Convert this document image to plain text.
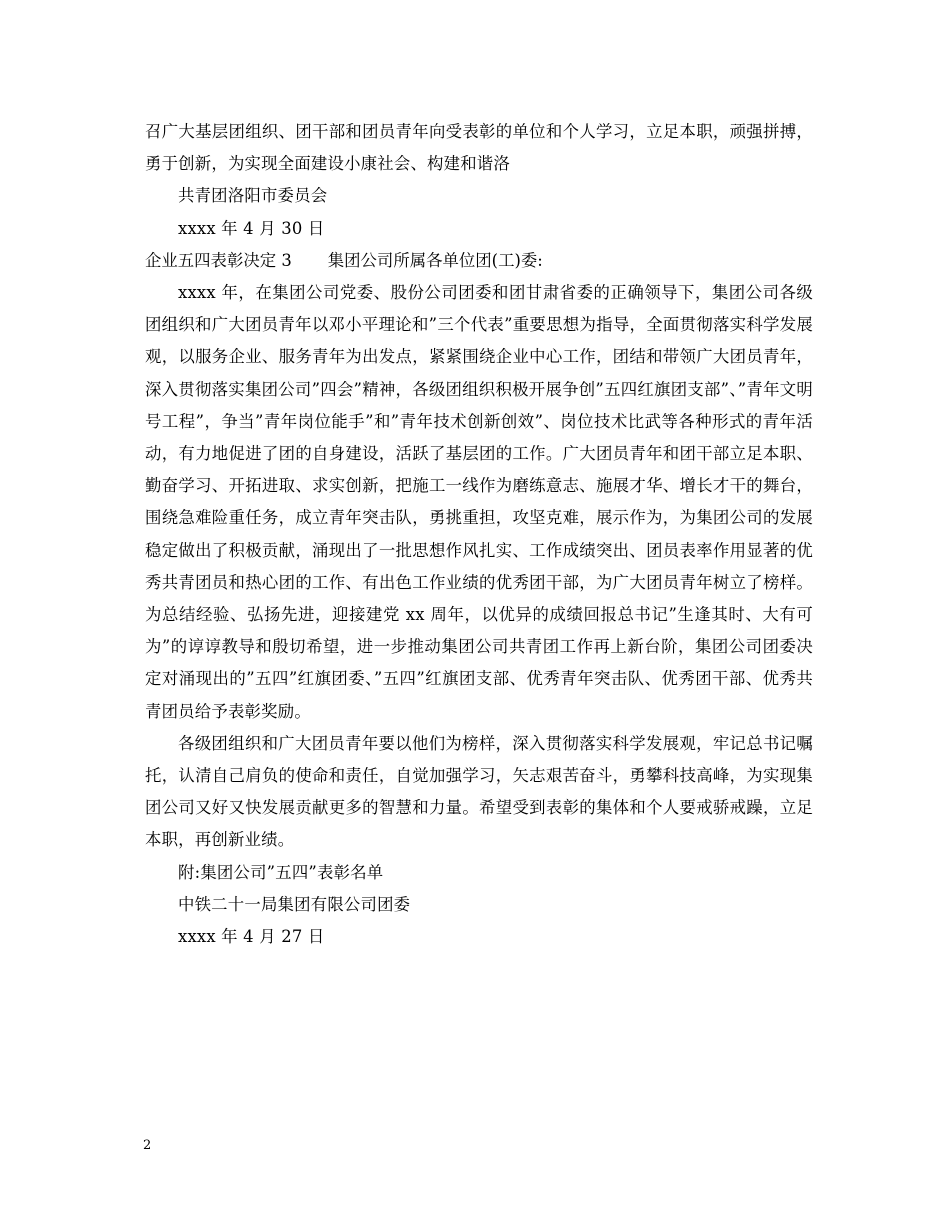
召广大基层团组织、团干部和团员青年向受表彰的单位和个人学习，立足本职，顽强拼搏，勇于创新，为实现全面建设小康社会、构建和谐洛

共青团洛阳市委员会

xxxx 年 4 月 30 日

企业五四表彰决定 3 集团公司所属各单位团(工)委:

xxxx 年，在集团公司党委、股份公司团委和团甘肃省委的正确领导下，集团公司各级团组织和广大团员青年以邓小平理论和”三个代表”重要思想为指导，全面贯彻落实科学发展观，以服务企业、服务青年为出发点，紧紧围绕企业中心工作，团结和带领广大团员青年，深入贯彻落实集团公司”四会”精神，各级团组织积极开展争创”五四红旗团支部”、”青年文明号工程”，争当”青年岗位能手”和”青年技术创新创效”、岗位技术比武等各种形式的青年活动，有力地促进了团的自身建设，活跃了基层团的工作。广大团员青年和团干部立足本职、勤奋学习、开拓进取、求实创新，把施工一线作为磨练意志、施展才华、增长才干的舞台，围绕急难险重任务，成立青年突击队，勇挑重担，攻坚克难，展示作为，为集团公司的发展稳定做出了积极贡献，涌现出了一批思想作风扎实、工作成绩突出、团员表率作用显著的优秀共青团员和热心团的工作、有出色工作业绩的优秀团干部，为广大团员青年树立了榜样。为总结经验、弘扬先进，迎接建党 xx 周年，以优异的成绩回报总书记”生逢其时、大有可为”的谆谆教导和殷切希望，进一步推动集团公司共青团工作再上新台阶，集团公司团委决定对涌现出的”五四”红旗团委、”五四”红旗团支部、优秀青年突击队、优秀团干部、优秀共青团员给予表彰奖励。

各级团组织和广大团员青年要以他们为榜样，深入贯彻落实科学发展观，牢记总书记嘱托，认清自己肩负的使命和责任，自觉加强学习，矢志艰苦奋斗，勇攀科技高峰，为实现集团公司又好又快发展贡献更多的智慧和力量。希望受到表彰的集体和个人要戒骄戒躁，立足本职，再创新业绩。

附:集团公司”五四”表彰名单

中铁二十一局集团有限公司团委

xxxx 年 4 月 27 日

2
